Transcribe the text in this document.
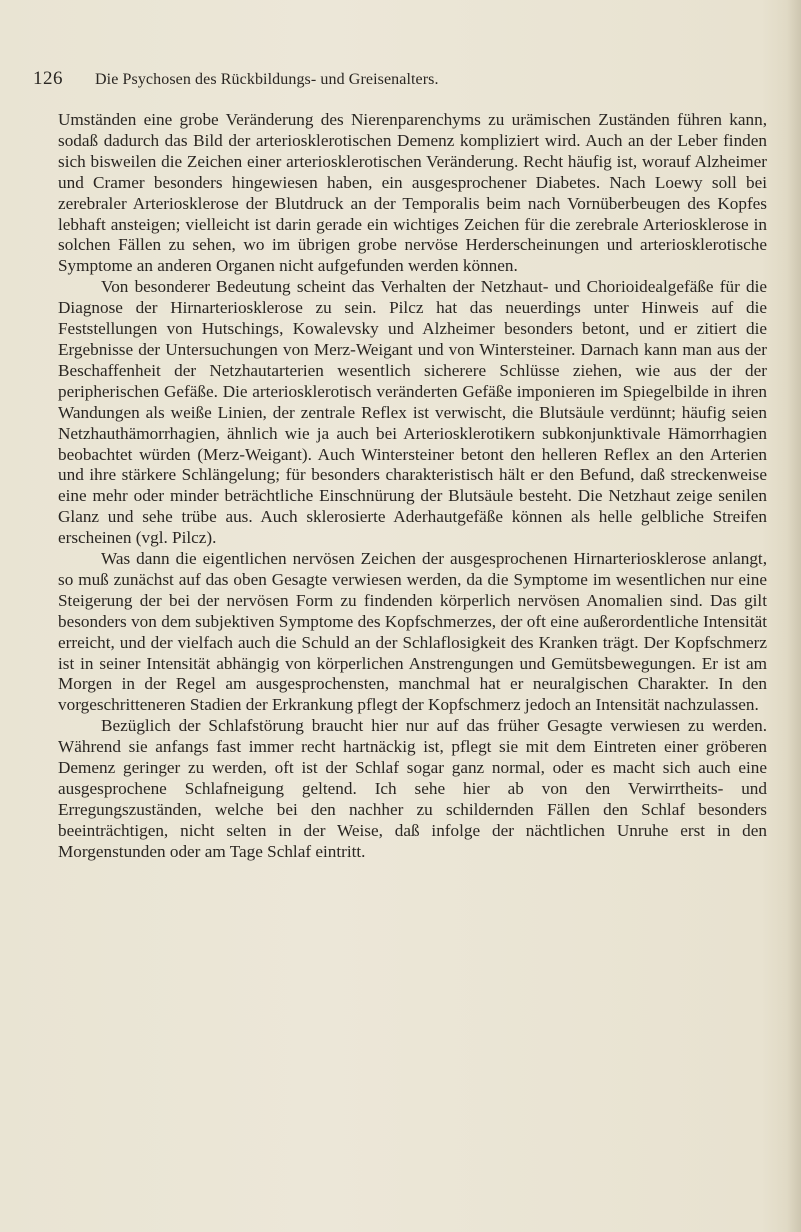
126 Die Psychosen des Rückbildungs- und Greisenalters.

Umständen eine grobe Veränderung des Nierenparenchyms zu urämischen Zuständen führen kann, sodaß dadurch das Bild der arteriosklerotischen Demenz kompliziert wird. Auch an der Leber finden sich bisweilen die Zeichen einer arteriosklerotischen Veränderung. Recht häufig ist, worauf Alzheimer und Cramer besonders hingewiesen haben, ein ausgesprochener Diabetes. Nach Loewy soll bei zerebraler Arteriosklerose der Blutdruck an der Temporalis beim nach Vornüberbeugen des Kopfes lebhaft ansteigen; vielleicht ist darin gerade ein wichtiges Zeichen für die zerebrale Arteriosklerose in solchen Fällen zu sehen, wo im übrigen grobe nervöse Herderscheinungen und arteriosklerotische Symptome an anderen Organen nicht aufgefunden werden können.

Von besonderer Bedeutung scheint das Verhalten der Netzhaut- und Chorioidealgefäße für die Diagnose der Hirnarteriosklerose zu sein. Pilcz hat das neuerdings unter Hinweis auf die Feststellungen von Hutschings, Kowalevsky und Alzheimer besonders betont, und er zitiert die Ergebnisse der Untersuchungen von Merz-Weigant und von Wintersteiner. Darnach kann man aus der Beschaffenheit der Netzhautarterien wesentlich sicherere Schlüsse ziehen, wie aus der der peripherischen Gefäße. Die arteriosklerotisch veränderten Gefäße imponieren im Spiegelbilde in ihren Wandungen als weiße Linien, der zentrale Reflex ist verwischt, die Blutsäule verdünnt; häufig seien Netzhauthämorrhagien, ähnlich wie ja auch bei Arteriosklerotikern subkonjunktivale Hämorrhagien beobachtet würden (Merz-Weigant). Auch Wintersteiner betont den helleren Reflex an den Arterien und ihre stärkere Schlängelung; für besonders charakteristisch hält er den Befund, daß streckenweise eine mehr oder minder beträchtliche Einschnürung der Blutsäule besteht. Die Netzhaut zeige senilen Glanz und sehe trübe aus. Auch sklerosierte Aderhautgefäße können als helle gelbliche Streifen erscheinen (vgl. Pilcz).

Was dann die eigentlichen nervösen Zeichen der ausgesprochenen Hirnarteriosklerose anlangt, so muß zunächst auf das oben Gesagte verwiesen werden, da die Symptome im wesentlichen nur eine Steigerung der bei der nervösen Form zu findenden körperlich nervösen Anomalien sind. Das gilt besonders von dem subjektiven Symptome des Kopfschmerzes, der oft eine außerordentliche Intensität erreicht, und der vielfach auch die Schuld an der Schlaflosigkeit des Kranken trägt. Der Kopfschmerz ist in seiner Intensität abhängig von körperlichen Anstrengungen und Gemütsbewegungen. Er ist am Morgen in der Regel am ausgesprochensten, manchmal hat er neuralgischen Charakter. In den vorgeschritteneren Stadien der Erkrankung pflegt der Kopfschmerz jedoch an Intensität nachzulassen.

Bezüglich der Schlafstörung braucht hier nur auf das früher Gesagte verwiesen zu werden. Während sie anfangs fast immer recht hartnäckig ist, pflegt sie mit dem Eintreten einer gröberen Demenz geringer zu werden, oft ist der Schlaf sogar ganz normal, oder es macht sich auch eine ausgesprochene Schlafneigung geltend. Ich sehe hier ab von den Verwirrtheits- und Erregungszuständen, welche bei den nachher zu schildernden Fällen den Schlaf besonders beeinträchtigen, nicht selten in der Weise, daß infolge der nächtlichen Unruhe erst in den Morgenstunden oder am Tage Schlaf eintritt.
